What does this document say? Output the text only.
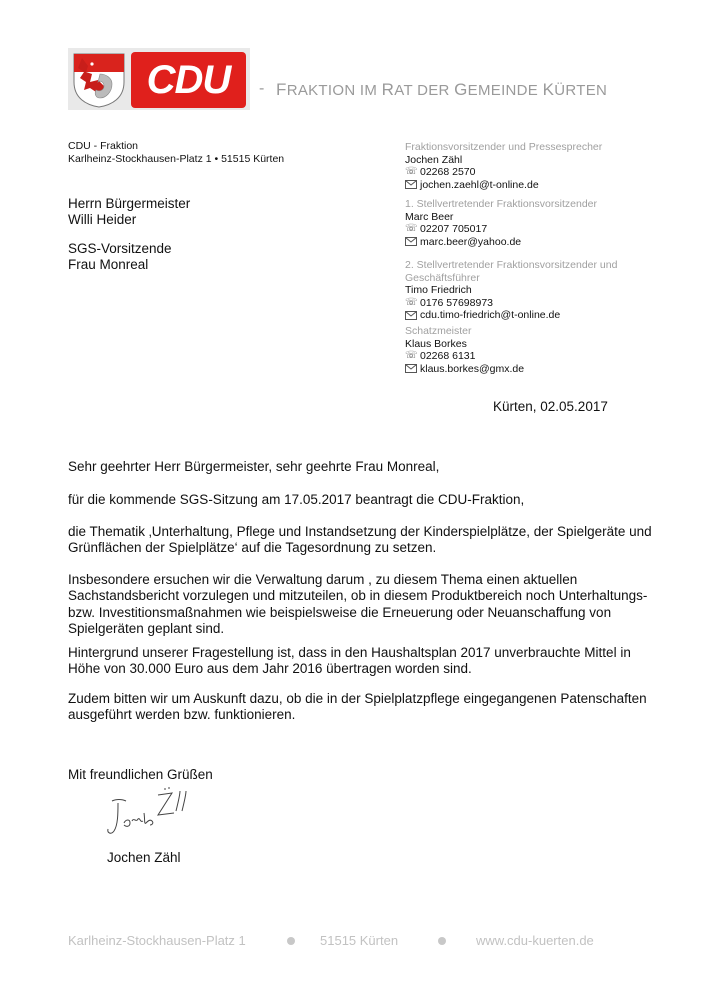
CDU	- FRAKTION IM RAT DER GEMEINDE KÜRTEN
CDU - Fraktion
Karlheinz-Stockhausen-Platz 1 • 51515 Kürten
Herrn Bürgermeister
Willi Heider
SGS-Vorsitzende
Frau Monreal
Fraktionsvorsitzender und Pressesprecher
Jochen Zähl
☏ 02268 2570
jochen.zaehl@t-online.de
1. Stellvertretender Fraktionsvorsitzender
Marc Beer
☏ 02207 705017
marc.beer@yahoo.de
2. Stellvertretender Fraktionsvorsitzender und
Geschäftsführer
Timo Friedrich
☏ 0176 57698973
cdu.timo-friedrich@t-online.de
Schatzmeister
Klaus Borkes
☏ 02268 6131
klaus.borkes@gmx.de
Kürten, 02.05.2017
Sehr geehrter Herr Bürgermeister, sehr geehrte Frau Monreal,
für die kommende SGS-Sitzung am 17.05.2017 beantragt die CDU-Fraktion,
die Thematik ‚Unterhaltung, Pflege und Instandsetzung der Kinderspielplätze, der Spielgeräte und
Grünflächen der Spielplätze‘ auf die Tagesordnung zu setzen.
Insbesondere ersuchen wir die Verwaltung darum , zu diesem Thema einen aktuellen
Sachstandsbericht vorzulegen und mitzuteilen, ob in diesem Produktbereich noch Unterhaltungs-
bzw. Investitionsmaßnahmen wie beispielsweise die Erneuerung oder Neuanschaffung von
Spielgeräten geplant sind.
Hintergrund unserer Fragestellung ist, dass in den Haushaltsplan 2017 unverbrauchte Mittel in
Höhe von 30.000 Euro aus dem Jahr 2016 übertragen worden sind.
Zudem bitten wir um Auskunft dazu, ob die in der Spielplatzpflege eingegangenen Patenschaften
ausgeführt werden bzw. funktionieren.
Mit freundlichen Grüßen
Jochen Zähl
Karlheinz-Stockhausen-Platz 1	51515 Kürten	www.cdu-kuerten.de
